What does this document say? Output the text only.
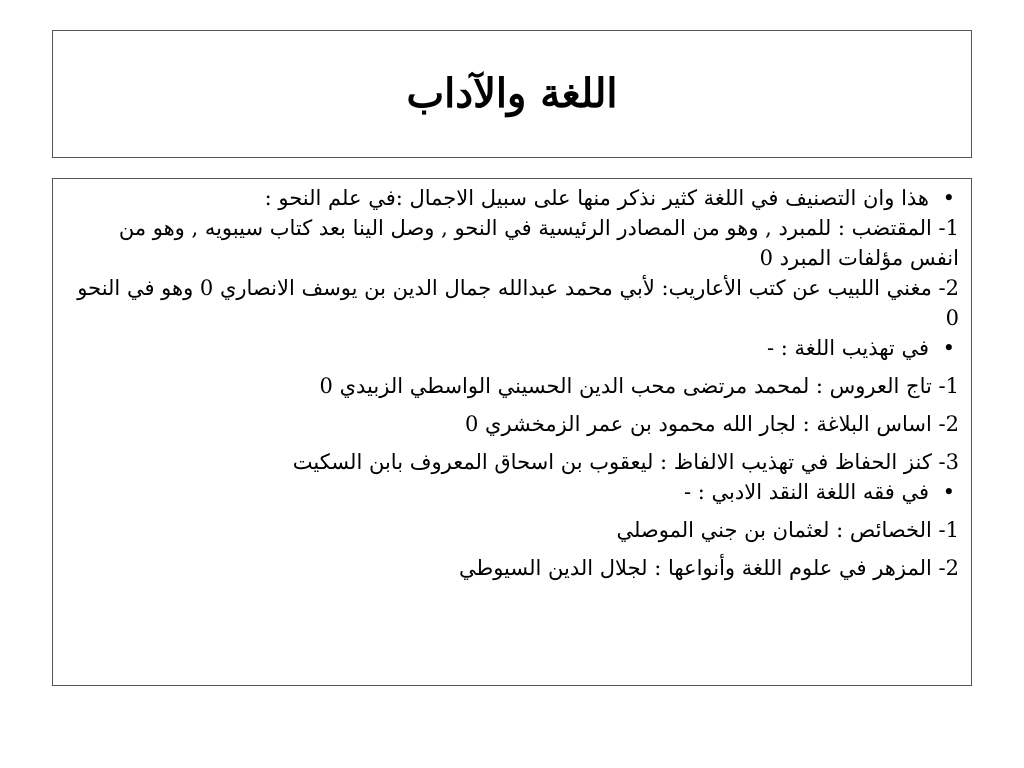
اللغة والآداب
• هذا وان التصنيف في اللغة كثير نذكر منها على سبيل الاجمال :في علم النحو :
1- المقتضب : للمبرد , وهو من المصادر الرئيسية في النحو , وصل الينا بعد كتاب سيبويه , وهو من انفس مؤلفات المبرد 0
2- مغني اللبيب عن كتب الأعاريب: لأبي محمد عبدالله جمال الدين بن يوسف الانصاري 0 وهو في النحو 0
• في تهذيب اللغة : -
1- تاج العروس : لمحمد مرتضى محب الدين الحسيني الواسطي الزبيدي 0
2- اساس البلاغة : لجار الله محمود بن عمر الزمخشري 0
3- كنز الحفاظ في تهذيب الالفاظ : ليعقوب بن اسحاق المعروف بابن السكيت
• في فقه اللغة النقد الادبي : -
1- الخصائص : لعثمان بن جني الموصلي
2- المزهر في علوم اللغة وأنواعها : لجلال الدين السيوطي
